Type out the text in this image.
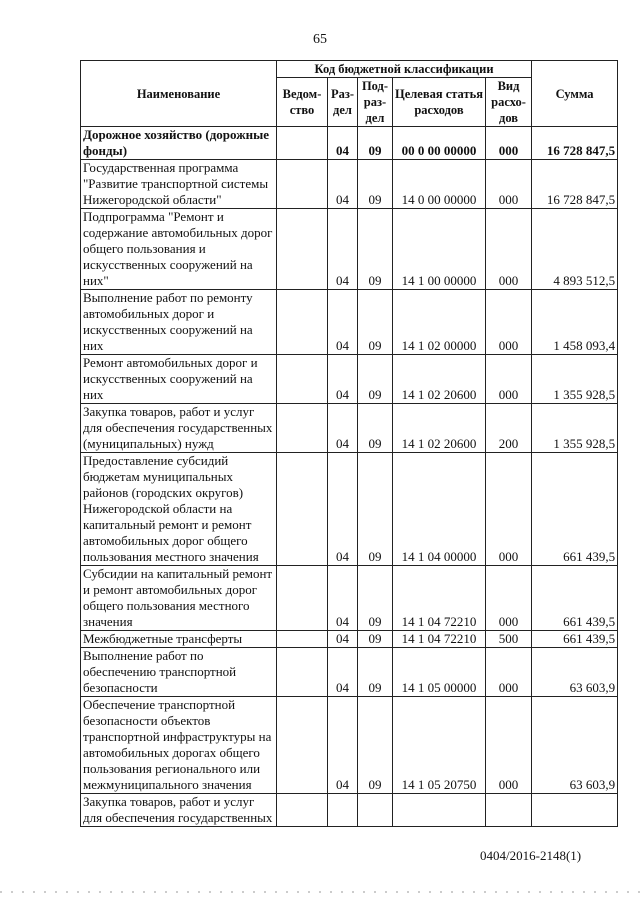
65
Наименование	Код бюджетной классификации					Сумма
	Ведом-ство	Раз-дел	Под-раз-дел	Целевая статья расходов	Вид расхо-дов	
Дорожное хозяйство (дорожные фонды)		04	09	00 0 00 00000	000	16 728 847,5
Государственная программа "Развитие транспортной системы Нижегородской области"		04	09	14 0 00 00000	000	16 728 847,5
Подпрограмма "Ремонт и содержание автомобильных дорог общего пользования и искусственных сооружений на них"		04	09	14 1 00 00000	000	4 893 512,5
Выполнение работ по ремонту автомобильных дорог и искусственных сооружений на них		04	09	14 1 02 00000	000	1 458 093,4
Ремонт автомобильных дорог и искусственных сооружений на них		04	09	14 1 02 20600	000	1 355 928,5
Закупка товаров, работ и услуг для обеспечения государственных (муниципальных) нужд		04	09	14 1 02 20600	200	1 355 928,5
Предоставление субсидий бюджетам муниципальных районов (городских округов) Нижегородской области на капитальный ремонт и ремонт автомобильных дорог общего пользования местного значения		04	09	14 1 04 00000	000	661 439,5
Субсидии на капитальный ремонт и ремонт автомобильных дорог общего пользования местного значения		04	09	14 1 04 72210	000	661 439,5
Межбюджетные трансферты		04	09	14 1 04 72210	500	661 439,5
Выполнение работ по обеспечению транспортной безопасности		04	09	14 1 05 00000	000	63 603,9
Обеспечение транспортной безопасности объектов транспортной инфраструктуры на автомобильных дорогах общего пользования регионального или межмуниципального значения		04	09	14 1 05 20750	000	63 603,9
Закупка товаров, работ и услуг для обеспечения государственных						
0404/2016-2148(1)
